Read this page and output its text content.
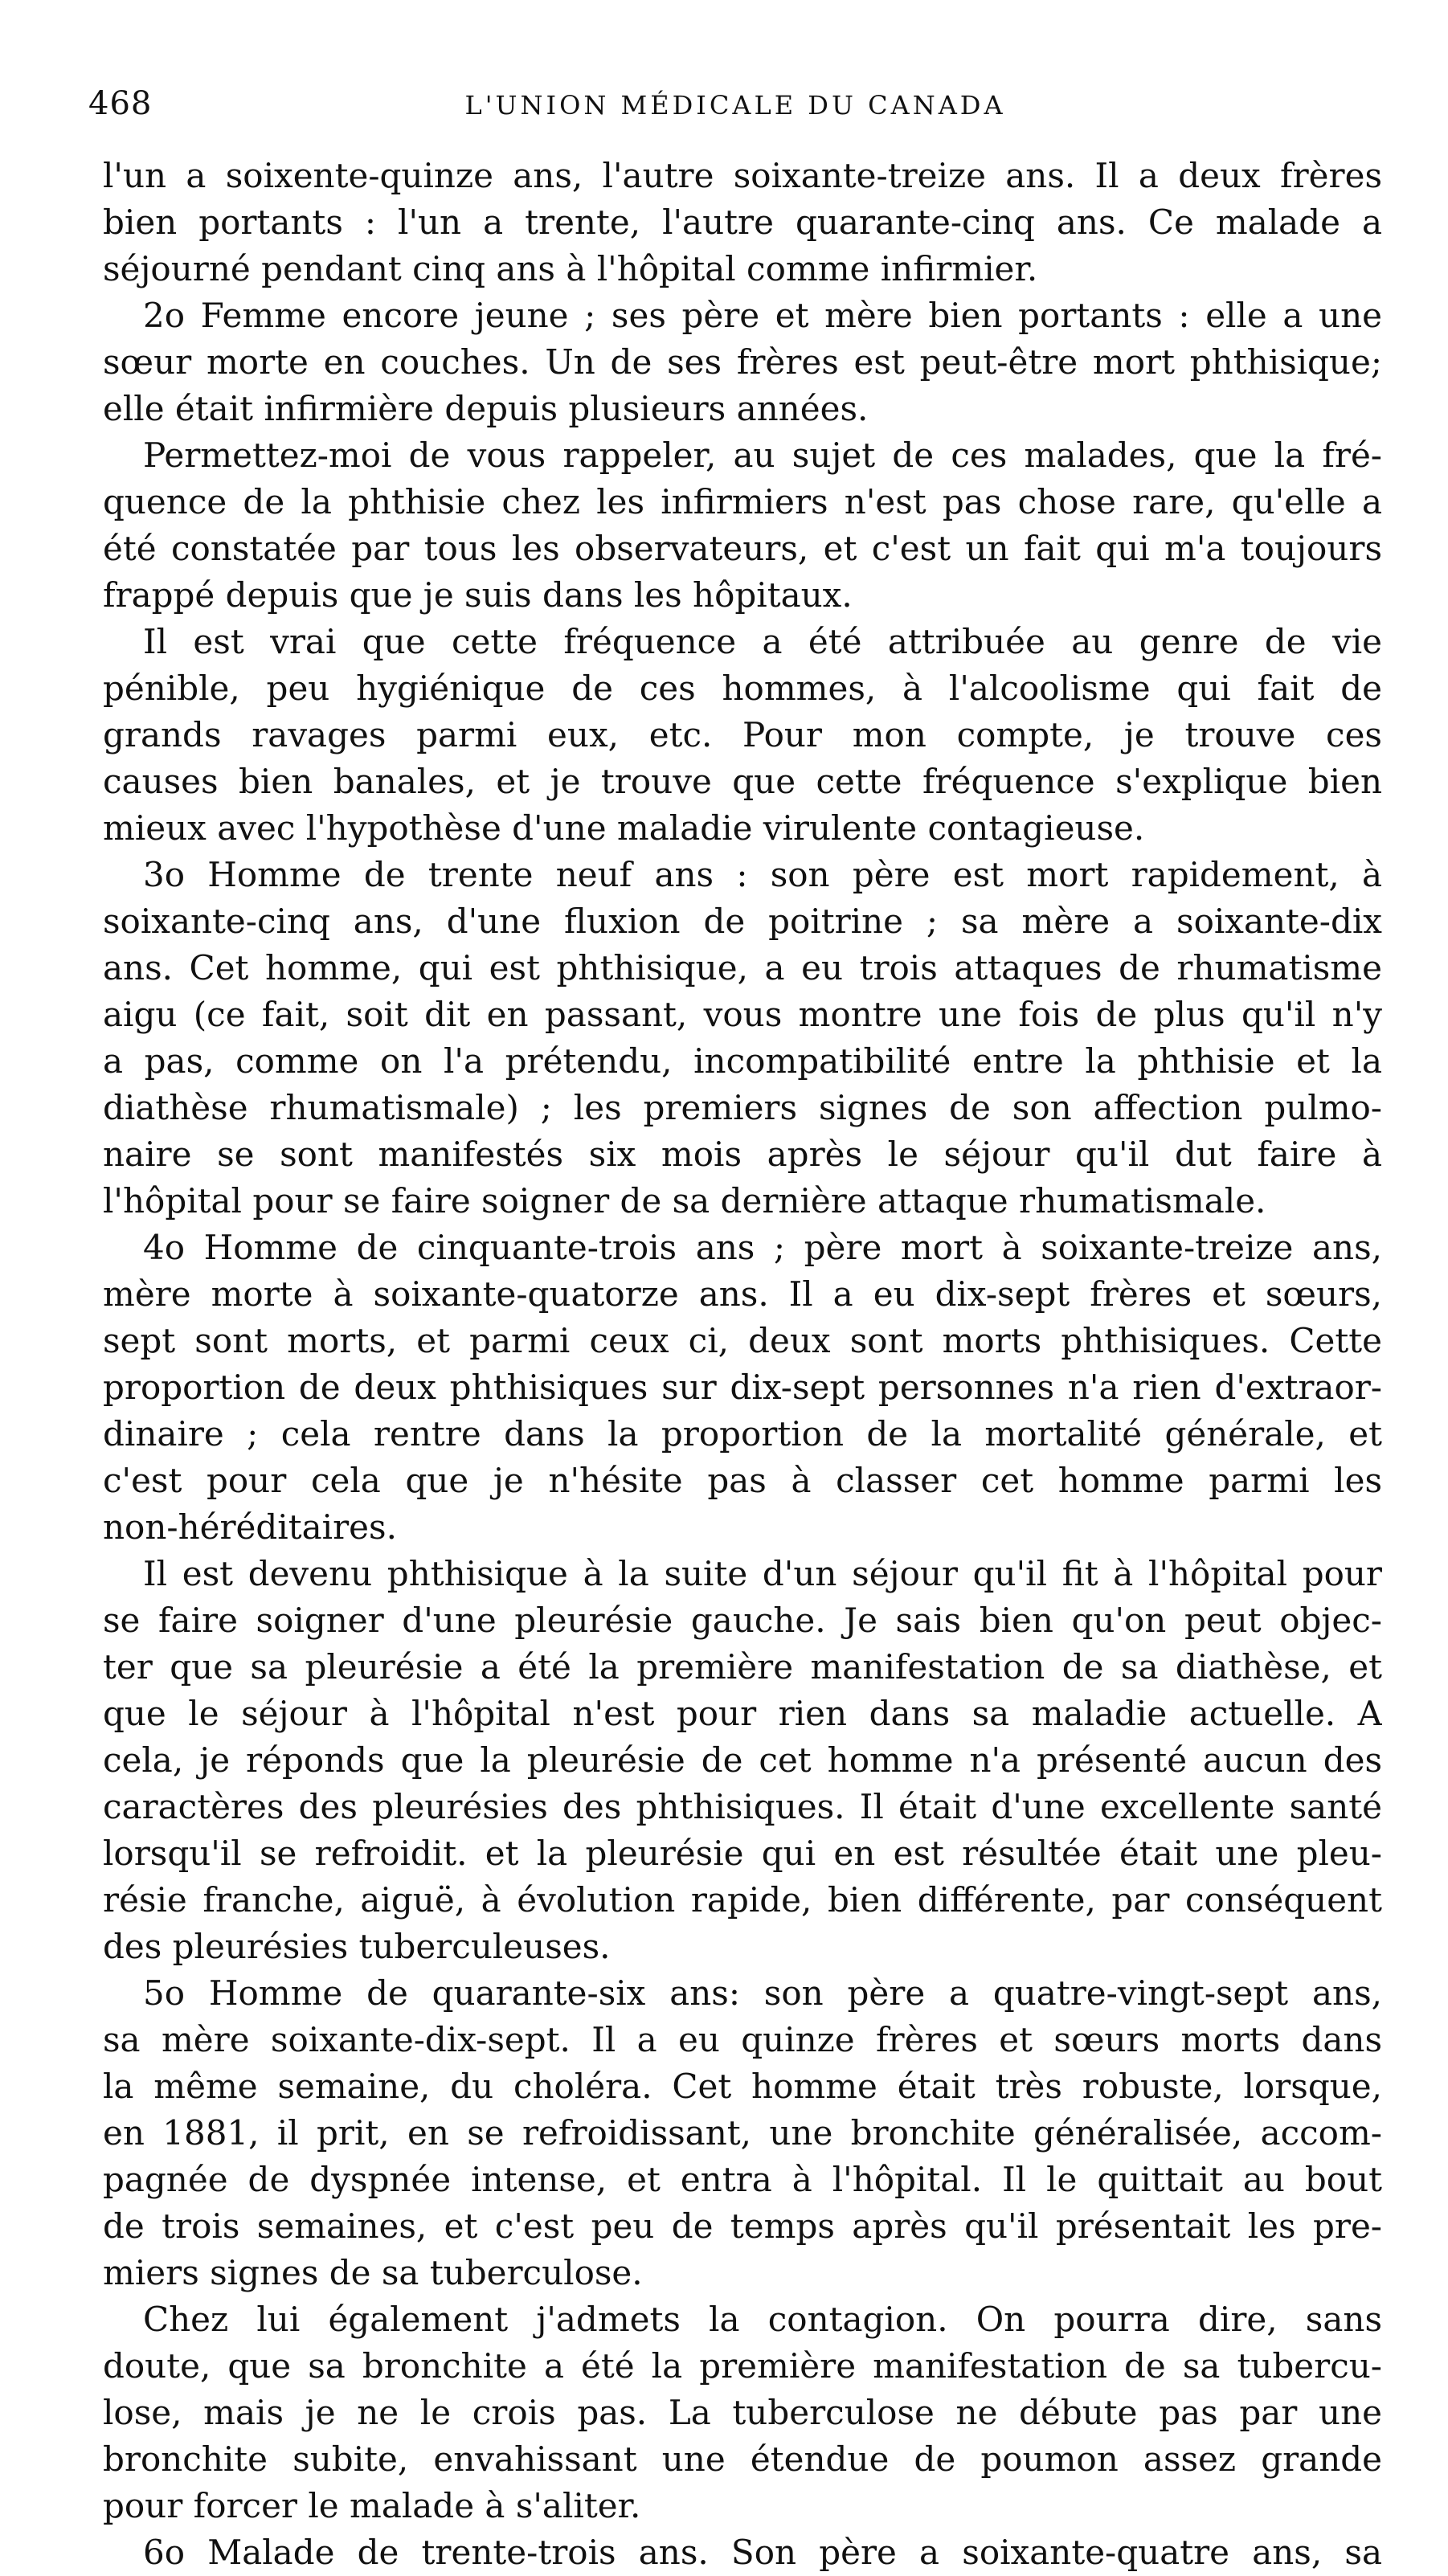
468	L'UNION MÉDICALE DU CANADA
l'un a soixente-quinze ans, l'autre soixante-treize ans. Il a deux frères
bien portants : l'un a trente, l'autre quarante-cinq ans. Ce malade a
séjourné pendant cinq ans à l'hôpital comme infirmier.
2o Femme encore jeune ; ses père et mère bien portants : elle a une
sœur morte en couches. Un de ses frères est peut-être mort phthisique;
elle était infirmière depuis plusieurs années.
Permettez-moi de vous rappeler, au sujet de ces malades, que la fré-
quence de la phthisie chez les infirmiers n'est pas chose rare, qu'elle a
été constatée par tous les observateurs, et c'est un fait qui m'a toujours
frappé depuis que je suis dans les hôpitaux.
Il est vrai que cette fréquence a été attribuée au genre de vie
pénible, peu hygiénique de ces hommes, à l'alcoolisme qui fait de
grands ravages parmi eux, etc. Pour mon compte, je trouve ces
causes bien banales, et je trouve que cette fréquence s'explique bien
mieux avec l'hypothèse d'une maladie virulente contagieuse.
3o Homme de trente neuf ans : son père est mort rapidement, à
soixante-cinq ans, d'une fluxion de poitrine ; sa mère a soixante-dix
ans. Cet homme, qui est phthisique, a eu trois attaques de rhumatisme
aigu (ce fait, soit dit en passant, vous montre une fois de plus qu'il n'y
a pas, comme on l'a prétendu, incompatibilité entre la phthisie et la
diathèse rhumatismale) ; les premiers signes de son affection pulmo-
naire se sont manifestés six mois après le séjour qu'il dut faire à
l'hôpital pour se faire soigner de sa dernière attaque rhumatismale.
4o Homme de cinquante-trois ans ; père mort à soixante-treize ans,
mère morte à soixante-quatorze ans. Il a eu dix-sept frères et sœurs,
sept sont morts, et parmi ceux ci, deux sont morts phthisiques. Cette
proportion de deux phthisiques sur dix-sept personnes n'a rien d'extraor-
dinaire ; cela rentre dans la proportion de la mortalité générale, et
c'est pour cela que je n'hésite pas à classer cet homme parmi les
non-héréditaires.
Il est devenu phthisique à la suite d'un séjour qu'il fit à l'hôpital pour
se faire soigner d'une pleurésie gauche. Je sais bien qu'on peut objec-
ter que sa pleurésie a été la première manifestation de sa diathèse, et
que le séjour à l'hôpital n'est pour rien dans sa maladie actuelle. A
cela, je réponds que la pleurésie de cet homme n'a présenté aucun des
caractères des pleurésies des phthisiques. Il était d'une excellente santé
lorsqu'il se refroidit. et la pleurésie qui en est résultée était une pleu-
résie franche, aiguë, à évolution rapide, bien différente, par conséquent
des pleurésies tuberculeuses.
5o Homme de quarante-six ans: son père a quatre-vingt-sept ans,
sa mère soixante-dix-sept. Il a eu quinze frères et sœurs morts dans
la même semaine, du choléra. Cet homme était très robuste, lorsque,
en 1881, il prit, en se refroidissant, une bronchite généralisée, accom-
pagnée de dyspnée intense, et entra à l'hôpital. Il le quittait au bout
de trois semaines, et c'est peu de temps après qu'il présentait les pre-
miers signes de sa tuberculose.
Chez lui également j'admets la contagion. On pourra dire, sans
doute, que sa bronchite a été la première manifestation de sa tubercu-
lose, mais je ne le crois pas. La tuberculose ne débute pas par une
bronchite subite, envahissant une étendue de poumon assez grande
pour forcer le malade à s'aliter.
6o Malade de trente-trois ans. Son père a soixante-quatre ans, sa
